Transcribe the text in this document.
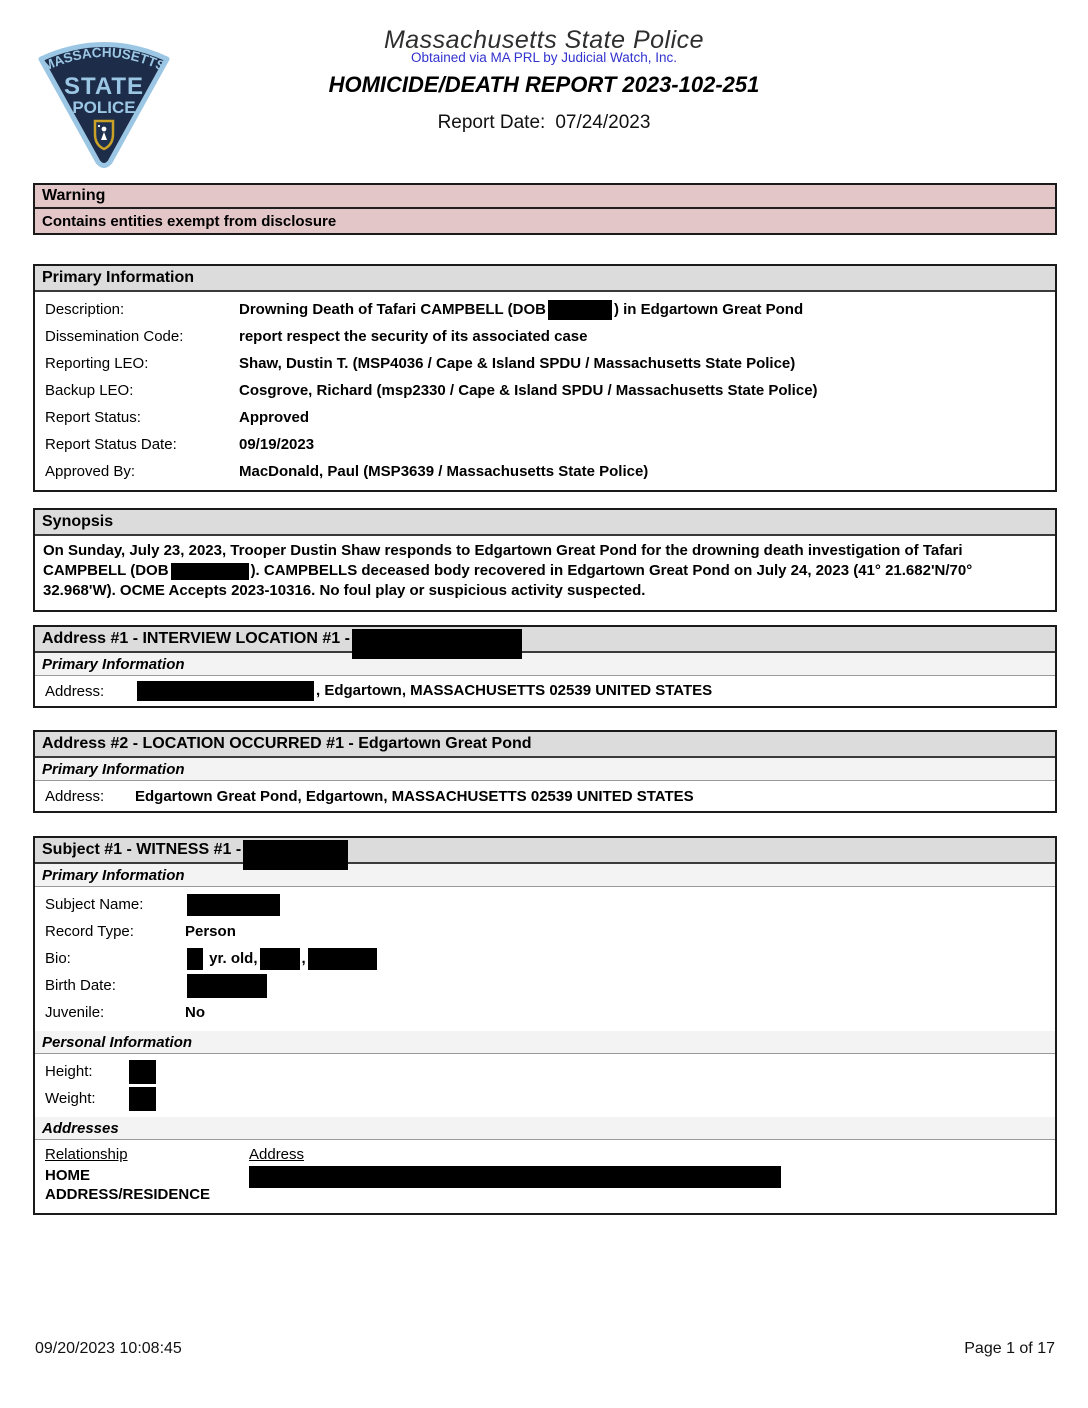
MASSACHUSETTS
STATE
POLICE
Massachusetts State Police
Obtained via MA PRL by Judicial Watch, Inc.
HOMICIDE/DEATH REPORT 2023-102-251
Report Date: 07/24/2023
Warning
Contains entities exempt from disclosure
Primary Information
Description:	Drowning Death of Tafari CAMPBELL (DOB	) in Edgartown Great Pond
Dissemination Code:	report respect the security of its associated case
Reporting LEO:	Shaw, Dustin T. (MSP4036 / Cape & Island SPDU / Massachusetts State Police)
Backup LEO:	Cosgrove, Richard (msp2330 / Cape & Island SPDU / Massachusetts State Police)
Report Status:	Approved
Report Status Date:	09/19/2023
Approved By:	MacDonald, Paul (MSP3639 / Massachusetts State Police)
Synopsis
On Sunday, July 23, 2023, Trooper Dustin Shaw responds to Edgartown Great Pond for the drowning death investigation of Tafari CAMPBELL (DOB	). CAMPBELLS deceased body recovered in Edgartown Great Pond on July 24, 2023 (41° 21.682'N/70° 32.968'W). OCME Accepts 2023-10316. No foul play or suspicious activity suspected.
Address #1 - INTERVIEW LOCATION #1 -
Primary Information
Address:	, Edgartown, MASSACHUSETTS 02539 UNITED STATES
Address #2 - LOCATION OCCURRED #1 - Edgartown Great Pond
Primary Information
Address:	Edgartown Great Pond, Edgartown, MASSACHUSETTS 02539 UNITED STATES
Subject #1 - WITNESS #1 -
Primary Information
Subject Name:
Record Type:	Person
Bio:	yr. old,	,
Birth Date:
Juvenile:	No
Personal Information
Height:
Weight:
Addresses
Relationship	Address
HOME ADDRESS/RESIDENCE
09/20/2023 10:08:45	Page 1 of 17
